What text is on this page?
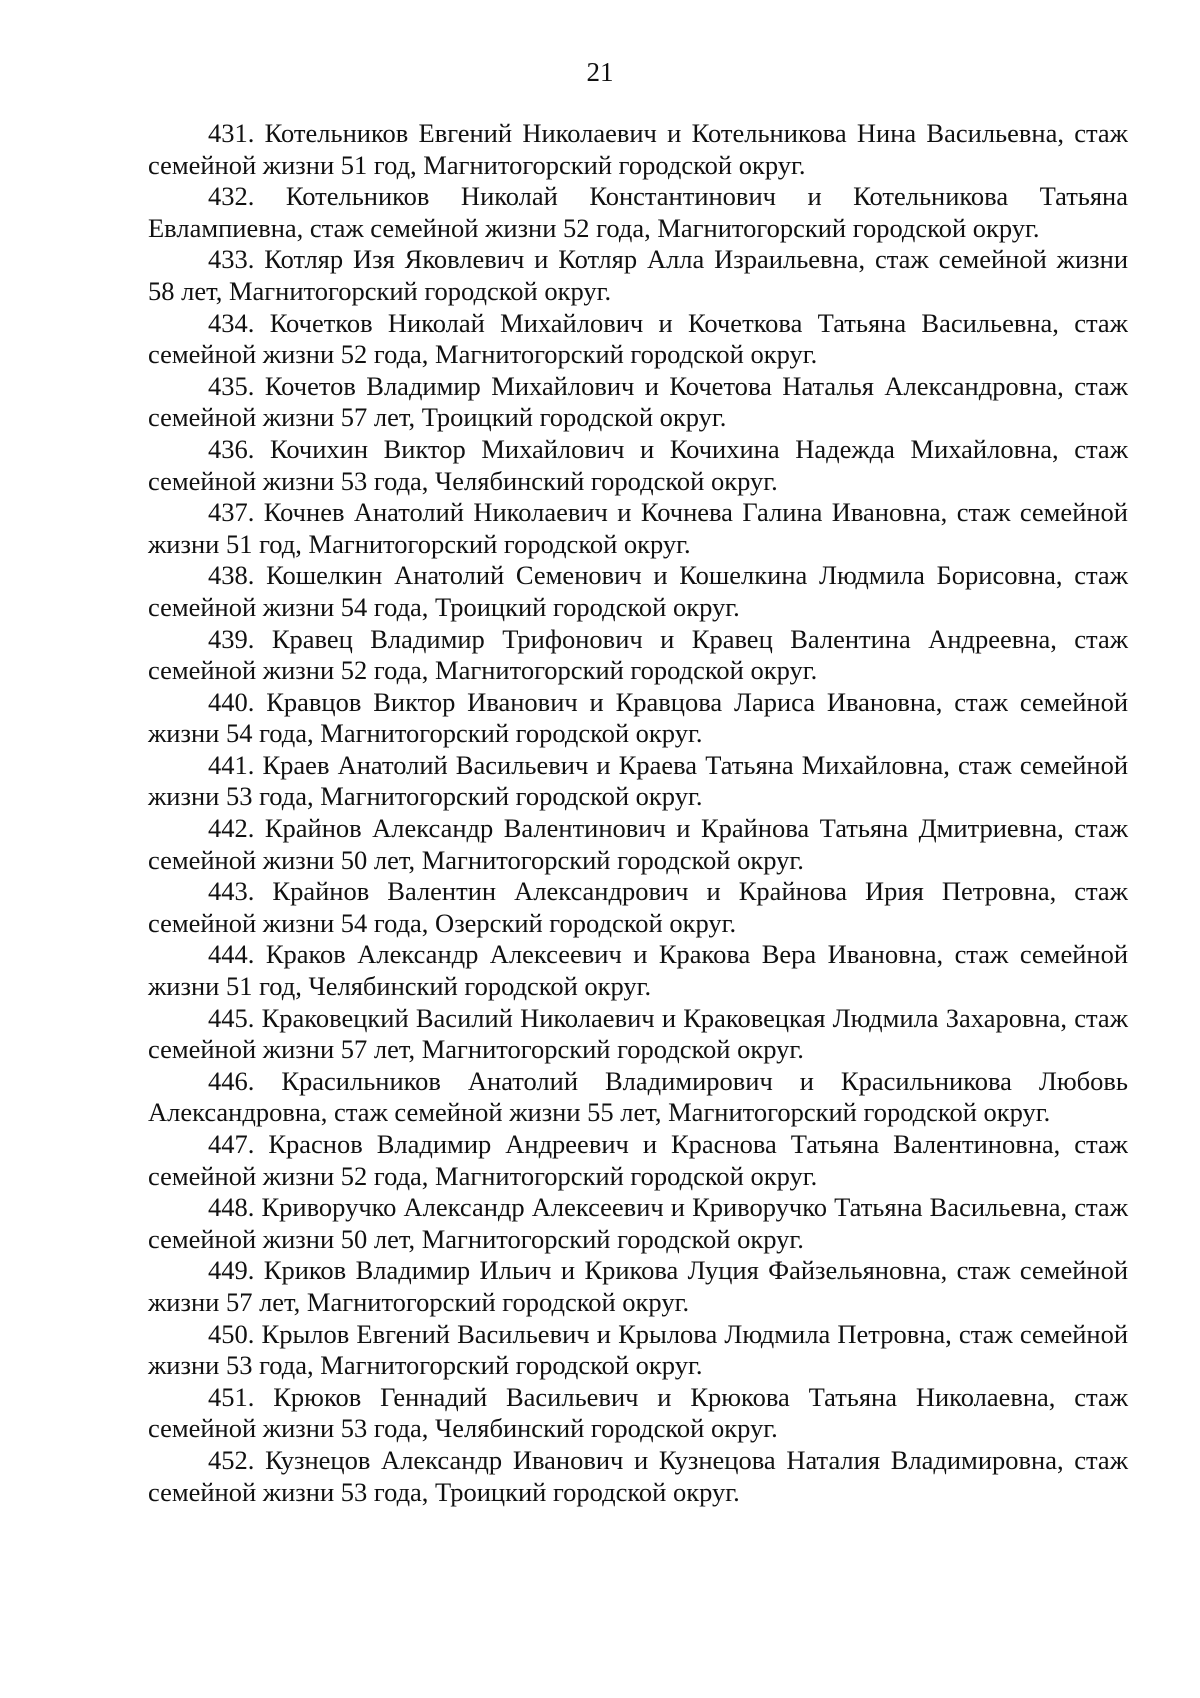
21

431. Котельников Евгений Николаевич и Котельникова Нина Васильевна, стаж семейной жизни 51 год, Магнитогорский городской округ.

432. Котельников Николай Константинович и Котельникова Татьяна Евлампиевна, стаж семейной жизни 52 года, Магнитогорский городской округ.

433. Котляр Изя Яковлевич и Котляр Алла Израильевна, стаж семейной жизни 58 лет, Магнитогорский городской округ.

434. Кочетков Николай Михайлович и Кочеткова Татьяна Васильевна, стаж семейной жизни 52 года, Магнитогорский городской округ.

435. Кочетов Владимир Михайлович и Кочетова Наталья Александровна, стаж семейной жизни 57 лет, Троицкий городской округ.

436. Кочихин Виктор Михайлович и Кочихина Надежда Михайловна, стаж семейной жизни 53 года, Челябинский городской округ.

437. Кочнев Анатолий Николаевич и Кочнева Галина Ивановна, стаж семейной жизни 51 год, Магнитогорский городской округ.

438. Кошелкин Анатолий Семенович и Кошелкина Людмила Борисовна, стаж семейной жизни 54 года, Троицкий городской округ.

439. Кравец Владимир Трифонович и Кравец Валентина Андреевна, стаж семейной жизни 52 года, Магнитогорский городской округ.

440. Кравцов Виктор Иванович и Кравцова Лариса Ивановна, стаж семейной жизни 54 года, Магнитогорский городской округ.

441. Краев Анатолий Васильевич и Краева Татьяна Михайловна, стаж семейной жизни 53 года, Магнитогорский городской округ.

442. Крайнов Александр Валентинович и Крайнова Татьяна Дмитриевна, стаж семейной жизни 50 лет, Магнитогорский городской округ.

443. Крайнов Валентин Александрович и Крайнова Ирия Петровна, стаж семейной жизни 54 года, Озерский городской округ.

444. Краков Александр Алексеевич и Кракова Вера Ивановна, стаж семейной жизни 51 год, Челябинский городской округ.

445. Краковецкий Василий Николаевич и Краковецкая Людмила Захаровна, стаж семейной жизни 57 лет, Магнитогорский городской округ.

446. Красильников Анатолий Владимирович и Красильникова Любовь Александровна, стаж семейной жизни 55 лет, Магнитогорский городской округ.

447. Краснов Владимир Андреевич и Краснова Татьяна Валентиновна, стаж семейной жизни 52 года, Магнитогорский городской округ.

448. Криворучко Александр Алексеевич и Криворучко Татьяна Васильевна, стаж семейной жизни 50 лет, Магнитогорский городской округ.

449. Криков Владимир Ильич и Крикова Луция Файзельяновна, стаж семейной жизни 57 лет, Магнитогорский городской округ.

450. Крылов Евгений Васильевич и Крылова Людмила Петровна, стаж семейной жизни 53 года, Магнитогорский городской округ.

451. Крюков Геннадий Васильевич и Крюкова Татьяна Николаевна, стаж семейной жизни 53 года, Челябинский городской округ.

452. Кузнецов Александр Иванович и Кузнецова Наталия Владимировна, стаж семейной жизни 53 года, Троицкий городской округ.
